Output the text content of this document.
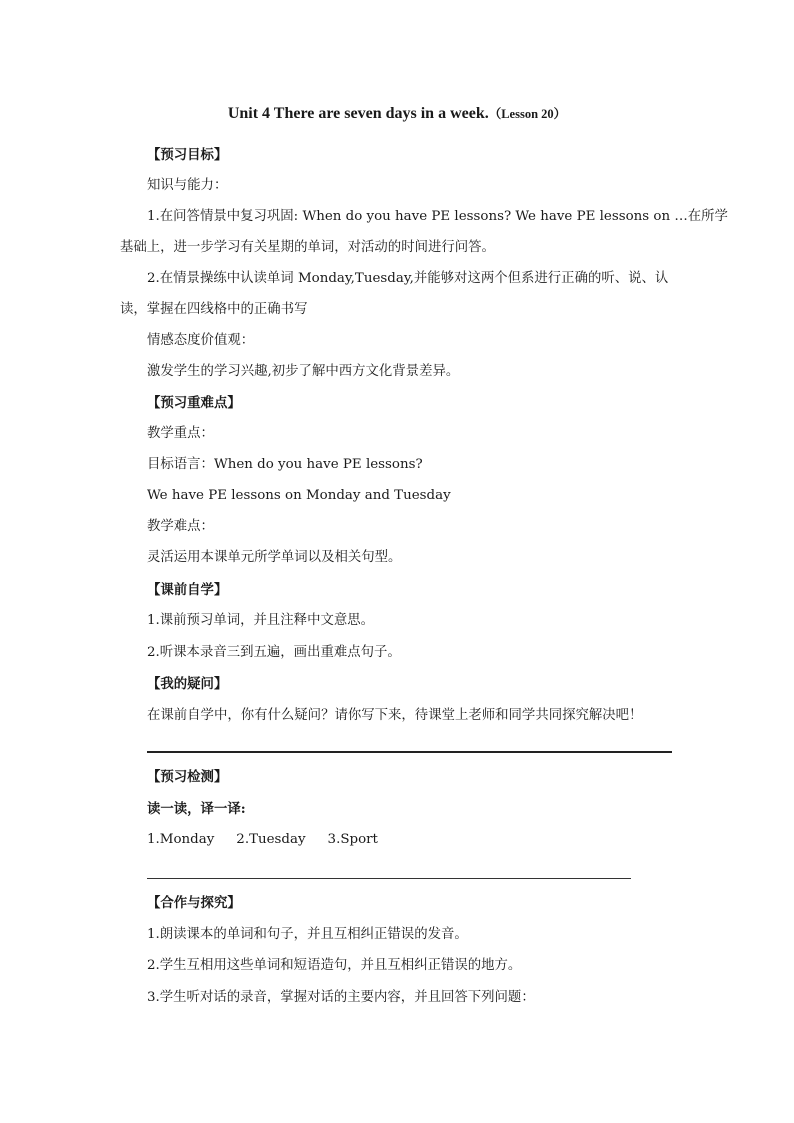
Unit 4 There are seven days in a week.（Lesson 20）
【预习目标】
知识与能力：
1.在问答情景中复习巩固: When do you have PE lessons? We have PE lessons on …在所学
基础上，进一步学习有关星期的单词，对活动的时间进行问答。
2.在情景操练中认读单词 Monday,Tuesday,并能够对这两个但系进行正确的听、说、认
读，掌握在四线格中的正确书写
情感态度价值观：
激发学生的学习兴趣,初步了解中西方文化背景差异。
【预习重难点】
教学重点：
目标语言：When do you have PE lessons?
We have PE lessons on Monday and Tuesday
教学难点：
灵活运用本课单元所学单词以及相关句型。
【课前自学】
1.课前预习单词，并且注释中文意思。
2.听课本录音三到五遍，画出重难点句子。
【我的疑问】
在课前自学中，你有什么疑问？请你写下来，待课堂上老师和同学共同探究解决吧！
【预习检测】
读一读，译一译:
1.Monday 2.Tuesday 3.Sport
【合作与探究】
1.朗读课本的单词和句子，并且互相纠正错误的发音。
2.学生互相用这些单词和短语造句，并且互相纠正错误的地方。
3.学生听对话的录音，掌握对话的主要内容，并且回答下列问题：
